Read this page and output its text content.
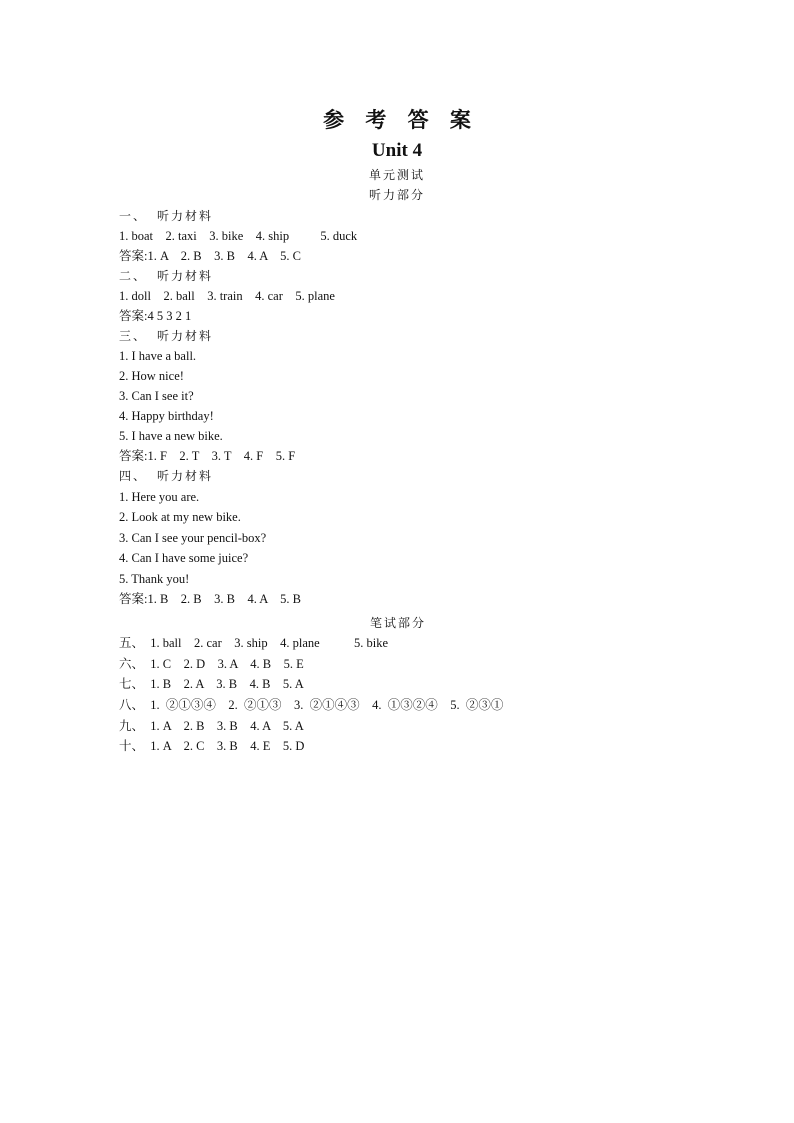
参 考 答 案
Unit 4
单元测试
听力部分
一、  听力材料
1. boat    2. taxi    3. bike    4. ship          5. duck
答案:1. A    2. B    3. B    4. A    5. C
二、  听力材料
1. doll    2. ball    3. train    4. car    5. plane
答案:4 5 3 2 1
三、  听力材料
1. I have a ball.
2. How nice!
3. Can I see it?
4. Happy birthday!
5. I have a new bike.
答案:1. F    2. T    3. T    4. F    5. F
四、  听力材料
1. Here you are.
2. Look at my new bike.
3. Can I see your pencil-box?
4. Can I have some juice?
5. Thank you!
答案:1. B    2. B    3. B    4. A    5. B
笔试部分
五、  1. ball    2. car    3. ship    4. plane           5. bike
六、  1. C    2. D    3. A    4. B    5. E
七、  1. B    2. A    3. B    4. B    5. A
八、  1.  ②①③④    2.  ②①③    3.  ②①④③    4.  ①③②④    5.  ②③①
九、  1. A    2. B    3. B    4. A    5. A
十、  1. A    2. C    3. B    4. E    5. D
